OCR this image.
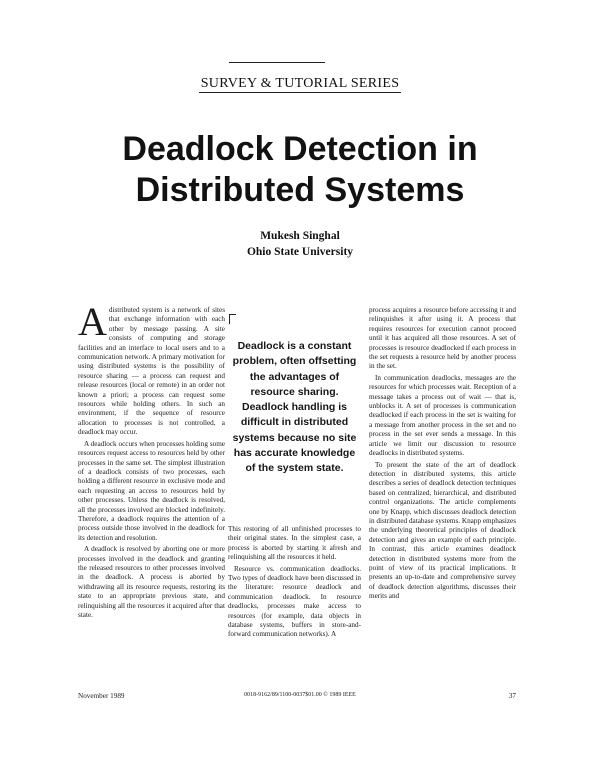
SURVEY & TUTORIAL SERIES
Deadlock Detection in
Distributed Systems
Mukesh Singhal
Ohio State University

Adistributed system is a network of sites that exchange information with each other by message passing. A site consists of computing and storage facilities and an interface to local users and to a communication network. A primary motivation for using distributed systems is the possibility of resource sharing — a process can request and release resources (local or remote) in an order not known a priori; a process can request some resources while holding others. In such an environment, if the sequence of resource allocation to processes is not controlled, a deadlock may occur.

A deadlock occurs when processes holding some resources request access to resources held by other processes in the same set. The simplest illustration of a deadlock consists of two processes, each holding a different resource in exclusive mode and each requesting an access to resources held by other processes. Unless the deadlock is resolved, all the processes involved are blocked indefinitely. Therefore, a deadlock requires the attention of a process outside those involved in the deadlock for its detection and resolution.

A deadlock is resolved by aborting one or more processes involved in the deadlock and granting the released resources to other processes involved in the deadlock. A process is aborted by withdrawing all its resource requests, restoring its state to an appropriate previous state, and relinquishing all the resources it acquired after that state.

Deadlock is a constant problem, often offsetting the advantages of resource sharing. Deadlock handling is difficult in distributed systems because no site has accurate knowledge of the system state.

This restoring of all unfinished processes to their original states. In the simplest case, a process is aborted by starting it afresh and relinquishing all the resources it held.

Resource vs. communication deadlocks. Two types of deadlock have been discussed in the literature: resource deadlock and communication deadlock. In resource deadlocks, processes make access to resources (for example, data objects in database systems, buffers in store-and-forward communication networks). A

process acquires a resource before accessing it and relinquishes it after using it. A process that requires resources for execution cannot proceed until it has acquired all those resources. A set of processes is resource deadlocked if each process in the set requests a resource held by another process in the set.

In communication deadlocks, messages are the resources for which processes wait. Reception of a message takes a process out of wait — that is, unblocks it. A set of processes is communication deadlocked if each process in the set is waiting for a message from another process in the set and no process in the set ever sends a message. In this article we limit our discussion to resource deadlocks in distributed systems.

To present the state of the art of deadlock detection in distributed systems, this article describes a series of deadlock detection techniques based on centralized, hierarchical, and distributed control organizations. The article complements one by Knapp, which discusses deadlock detection in distributed database systems. Knapp emphasizes the underlying theoretical principles of deadlock detection and gives an example of each principle. In contrast, this article examines deadlock detection in distributed systems more from the point of view of its practical implications. It presents an up-to-date and comprehensive survey of deadlock detection algorithms, discusses their merits and

November 1989	0018-9162/89/1100-0037$01.00 © 1989 IEEE	37
